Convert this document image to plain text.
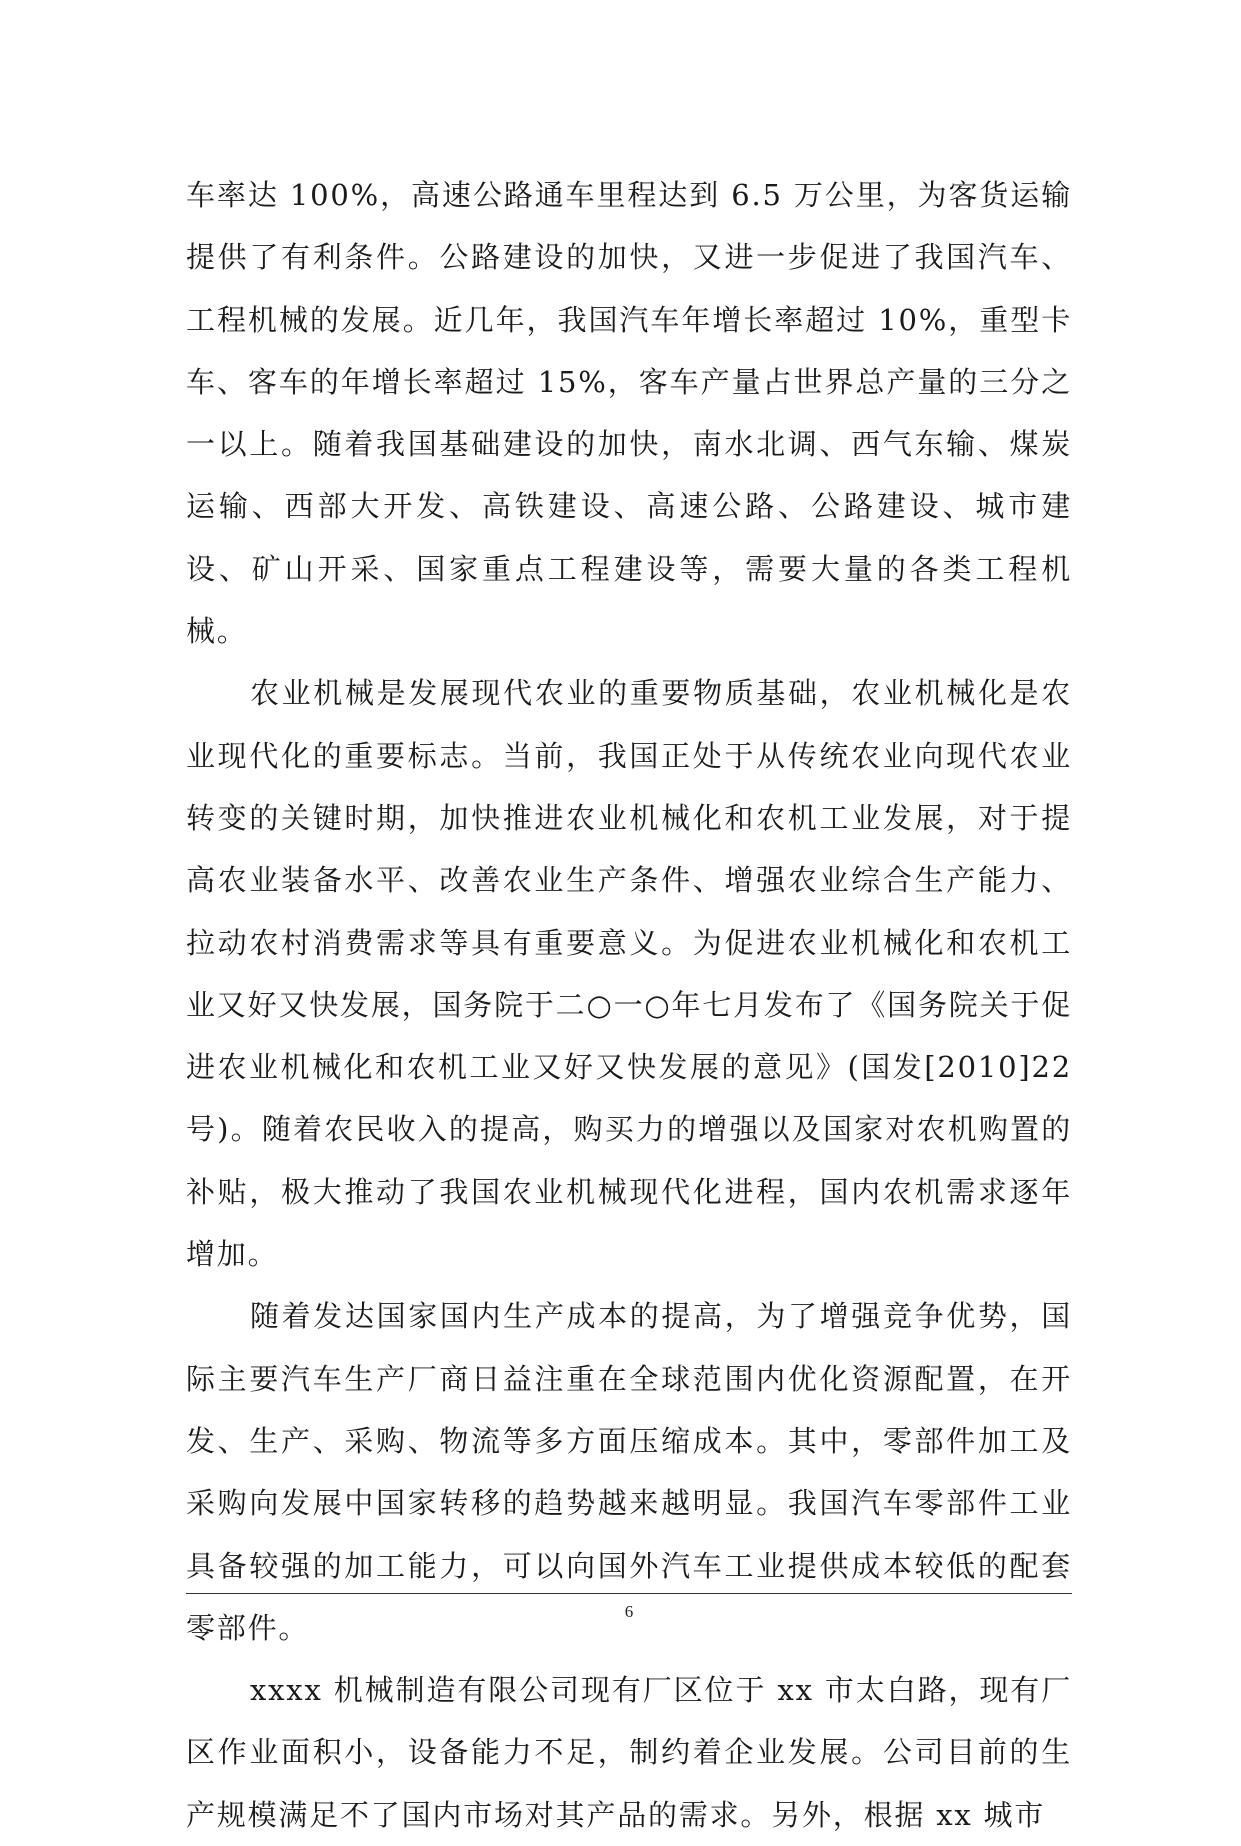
车率达 100%，高速公路通车里程达到 6.5 万公里，为客货运输提供了有利条件。公路建设的加快，又进一步促进了我国汽车、工程机械的发展。近几年，我国汽车年增长率超过 10%，重型卡车、客车的年增长率超过 15%，客车产量占世界总产量的三分之一以上。随着我国基础建设的加快，南水北调、西气东输、煤炭运输、西部大开发、高铁建设、高速公路、公路建设、城市建设、矿山开采、国家重点工程建设等，需要大量的各类工程机械。

农业机械是发展现代农业的重要物质基础，农业机械化是农业现代化的重要标志。当前，我国正处于从传统农业向现代农业转变的关键时期，加快推进农业机械化和农机工业发展，对于提高农业装备水平、改善农业生产条件、增强农业综合生产能力、拉动农村消费需求等具有重要意义。为促进农业机械化和农机工业又好又快发展，国务院于二○一○年七月发布了《国务院关于促进农业机械化和农机工业又好又快发展的意见》(国发[2010]22号)。随着农民收入的提高，购买力的增强以及国家对农机购置的补贴，极大推动了我国农业机械现代化进程，国内农机需求逐年增加。

随着发达国家国内生产成本的提高，为了增强竞争优势，国际主要汽车生产厂商日益注重在全球范围内优化资源配置，在开发、生产、采购、物流等多方面压缩成本。其中，零部件加工及采购向发展中国家转移的趋势越来越明显。我国汽车零部件工业具备较强的加工能力，可以向国外汽车工业提供成本较低的配套零部件。

xxxx 机械制造有限公司现有厂区位于 xx 市太白路，现有厂区作业面积小，设备能力不足，制约着企业发展。公司目前的生产规模满足不了国内市场对其产品的需求。另外，根据 xx 城市

6
